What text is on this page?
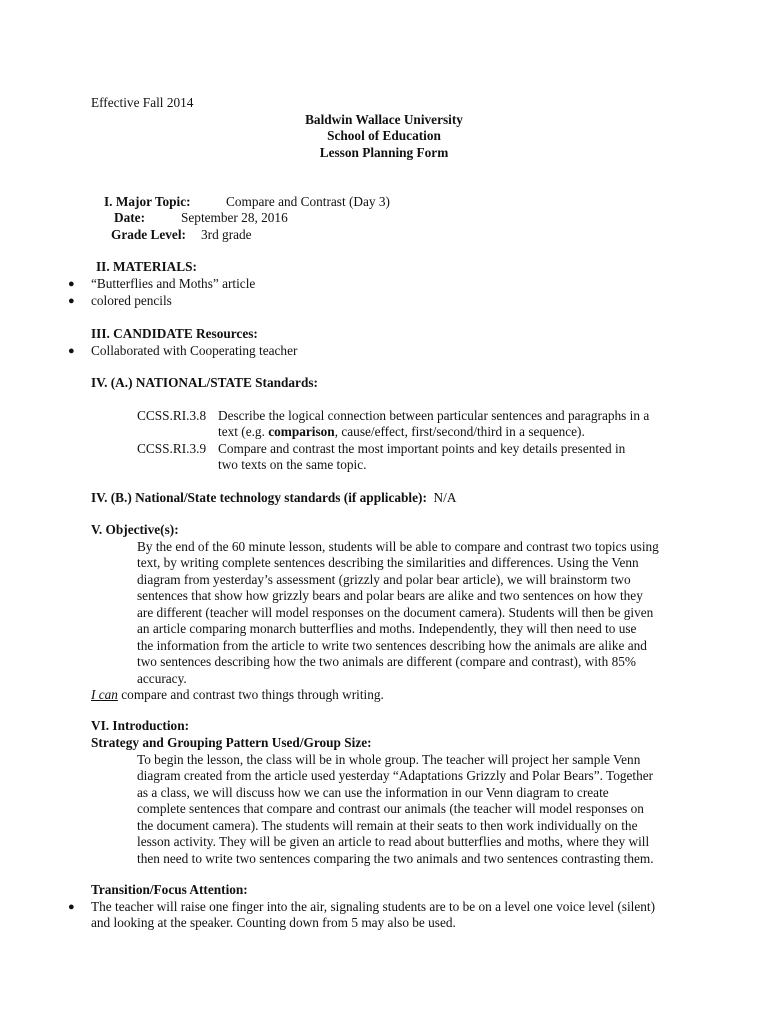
Effective Fall 2014
Baldwin Wallace University
School of Education
Lesson Planning Form
I. Major Topic:	Compare and Contrast (Day 3)
Date:	September 28, 2016
Grade Level: 3rd grade
II. MATERIALS:
● “Butterflies and Moths” article
● colored pencils
III. CANDIDATE Resources:
● Collaborated with Cooperating teacher
IV. (A.) NATIONAL/STATE Standards:
CCSS.RI.3.8 Describe the logical connection between particular sentences and paragraphs in a
text (e.g. comparison, cause/effect, first/second/third in a sequence).
CCSS.RI.3.9 Compare and contrast the most important points and key details presented in
two texts on the same topic.
IV. (B.) National/State technology standards (if applicable): N/A
V. Objective(s):
By the end of the 60 minute lesson, students will be able to compare and contrast two topics using
text, by writing complete sentences describing the similarities and differences. Using the Venn
diagram from yesterday’s assessment (grizzly and polar bear article), we will brainstorm two
sentences that show how grizzly bears and polar bears are alike and two sentences on how they
are different (teacher will model responses on the document camera). Students will then be given
an article comparing monarch butterflies and moths. Independently, they will then need to use
the information from the article to write two sentences describing how the animals are alike and
two sentences describing how the two animals are different (compare and contrast), with 85%
accuracy.
I can compare and contrast two things through writing.
VI. Introduction:
Strategy and Grouping Pattern Used/Group Size:
To begin the lesson, the class will be in whole group. The teacher will project her sample Venn
diagram created from the article used yesterday “Adaptations Grizzly and Polar Bears”. Together
as a class, we will discuss how we can use the information in our Venn diagram to create
complete sentences that compare and contrast our animals (the teacher will model responses on
the document camera). The students will remain at their seats to then work individually on the
lesson activity. They will be given an article to read about butterflies and moths, where they will
then need to write two sentences comparing the two animals and two sentences contrasting them.
Transition/Focus Attention:
● The teacher will raise one finger into the air, signaling students are to be on a level one voice level (silent)
and looking at the speaker. Counting down from 5 may also be used.
